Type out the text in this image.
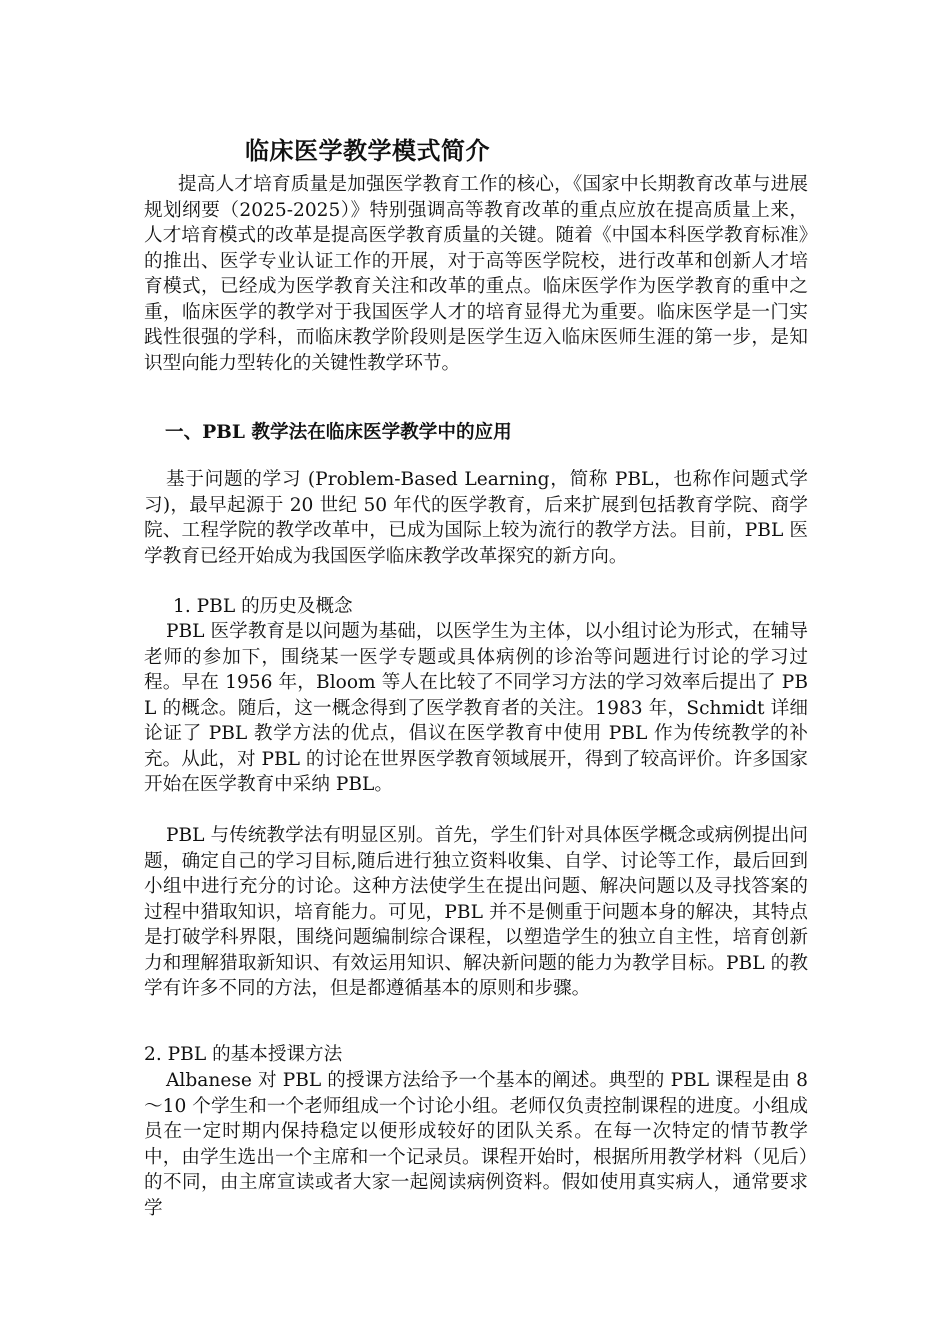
临床医学教学模式简介

提高人才培育质量是加强医学教育工作的核心，《国家中长期教育改革与进展规划纲要（2025-2025）》特别强调高等教育改革的重点应放在提高质量上来，人才培育模式的改革是提高医学教育质量的关键。随着《中国本科医学教育标准》的推出、医学专业认证工作的开展，对于高等医学院校，进行改革和创新人才培育模式，已经成为医学教育关注和改革的重点。临床医学作为医学教育的重中之重，临床医学的教学对于我国医学人才的培育显得尤为重要。临床医学是一门实践性很强的学科，而临床教学阶段则是医学生迈入临床医师生涯的第一步，是知识型向能力型转化的关键性教学环节。

一、PBL 教学法在临床医学教学中的应用

基于问题的学习 (Problem-Based Learning，简称 PBL，也称作问题式学习)，最早起源于 20 世纪 50 年代的医学教育，后来扩展到包括教育学院、商学院、工程学院的教学改革中，已成为国际上较为流行的教学方法。目前，PBL 医学教育已经开始成为我国医学临床教学改革探究的新方向。

1. PBL 的历史及概念

PBL 医学教育是以问题为基础，以医学生为主体，以小组讨论为形式，在辅导老师的参加下，围绕某一医学专题或具体病例的诊治等问题进行讨论的学习过程。早在 1956 年，Bloom 等人在比较了不同学习方法的学习效率后提出了 PBL 的概念。随后，这一概念得到了医学教育者的关注。1983 年，Schmidt 详细论证了 PBL 教学方法的优点，倡议在医学教育中使用 PBL 作为传统教学的补充。从此，对 PBL 的讨论在世界医学教育领域展开，得到了较高评价。许多国家开始在医学教育中采纳 PBL。

PBL 与传统教学法有明显区别。首先，学生们针对具体医学概念或病例提出问题，确定自己的学习目标,随后进行独立资料收集、自学、讨论等工作，最后回到小组中进行充分的讨论。这种方法使学生在提出问题、解决问题以及寻找答案的过程中猎取知识，培育能力。可见，PBL 并不是侧重于问题本身的解决，其特点是打破学科界限，围绕问题编制综合课程，以塑造学生的独立自主性，培育创新力和理解猎取新知识、有效运用知识、解决新问题的能力为教学目标。PBL 的教学有许多不同的方法，但是都遵循基本的原则和步骤。

2. PBL 的基本授课方法

Albanese 对 PBL 的授课方法给予一个基本的阐述。典型的 PBL 课程是由 8～10 个学生和一个老师组成一个讨论小组。老师仅负责控制课程的进度。小组成员在一定时期内保持稳定以便形成较好的团队关系。在每一次特定的情节教学中，由学生选出一个主席和一个记录员。课程开始时，根据所用教学材料（见后）的不同，由主席宣读或者大家一起阅读病例资料。假如使用真实病人，通常要求学
